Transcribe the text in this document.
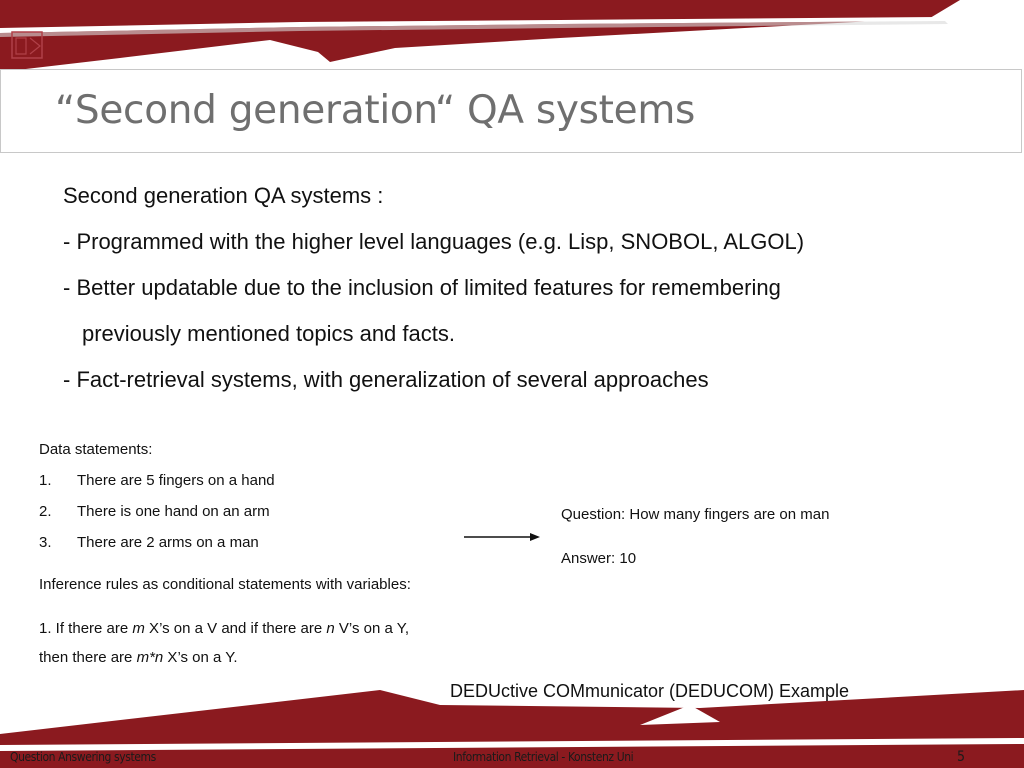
“Second generation“ QA systems
Second generation QA systems :
- Programmed with the higher level languages (e.g. Lisp, SNOBOL, ALGOL)
- Better updatable due to the inclusion of limited features for remembering
previously mentioned topics and facts.
- Fact-retrieval systems, with generalization of several approaches
Data statements:
1. There are 5 fingers on a hand
2. There is one hand on an arm
3. There are 2 arms on a man
Question: How many fingers are on man
Answer: 10
Inference rules as conditional statements with variables:
1. If there are m X’s on a V and if there are n V’s on a Y,
then there are m*n X’s on a Y.
DEDUctive COMmunicator (DEDUCOM) Example
Question Answering systems	Information Retrieval - Konstenz Uni	5
